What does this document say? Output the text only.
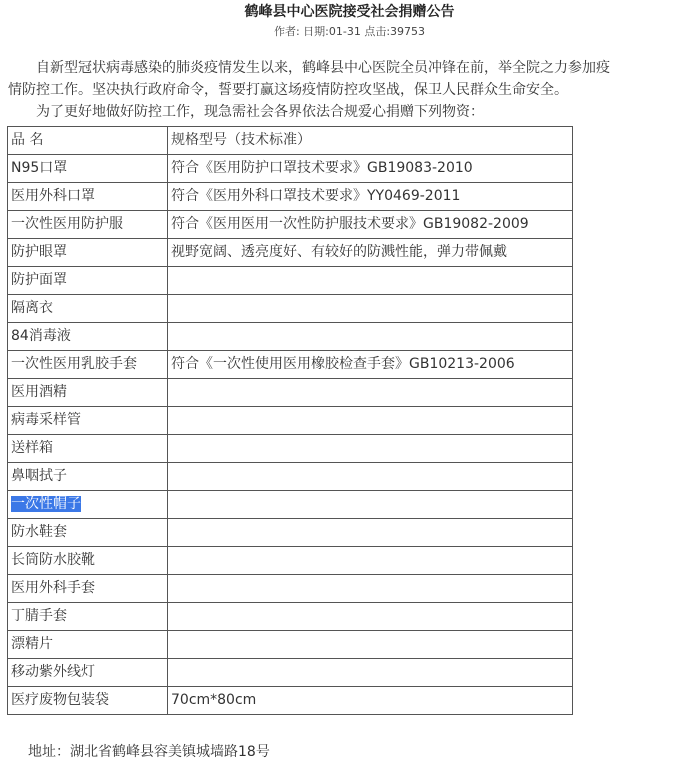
鹤峰县中心医院接受社会捐赠公告
作者: 日期:01-31 点击:39753

自新型冠状病毒感染的肺炎疫情发生以来，鹤峰县中心医院全员冲锋在前，举全院之力参加疫

情防控工作。坚决执行政府命令，誓要打赢这场疫情防控攻坚战，保卫人民群众生命安全。

为了更好地做好防控工作，现急需社会各界依法合规爱心捐赠下列物资：

品 名	规格型号（技术标准）
N95口罩	符合《医用防护口罩技术要求》GB19083-2010
医用外科口罩	符合《医用外科口罩技术要求》YY0469-2011
一次性医用防护服	符合《医用医用一次性防护服技术要求》GB19082-2009
防护眼罩	视野宽阔、透亮度好、有较好的防溅性能，弹力带佩戴
防护面罩	
隔离衣	
84消毒液	
一次性医用乳胶手套	符合《一次性使用医用橡胶检查手套》GB10213-2006
医用酒精	
病毒采样管	
送样箱	
鼻咽拭子	
一次性帽子	
防水鞋套	
长筒防水胶靴	
医用外科手套	
丁腈手套	
漂精片	
移动紫外线灯	
医疗废物包装袋	70cm*80cm

地址：湖北省鹤峰县容美镇城墙路18号
